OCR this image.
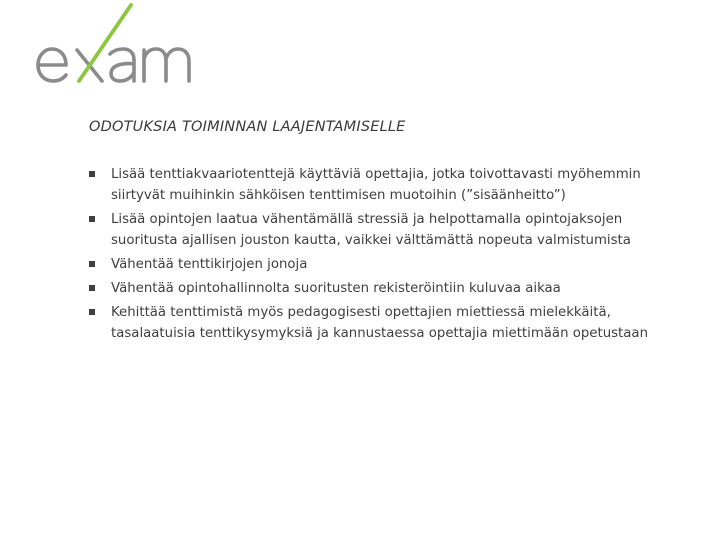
ODOTUKSIA TOIMINNAN LAAJENTAMISELLE
Lisää tenttiakvaariotenttejä käyttäviä opettajia, jotka toivottavasti myöhemmin siirtyvät muihinkin sähköisen tenttimisen muotoihin (”sisäänheitto”)
Lisää opintojen laatua vähentämällä stressiä ja helpottamalla opintojaksojen suoritusta ajallisen jouston kautta, vaikkei välttämättä nopeuta valmistumista
Vähentää tenttikirjojen jonoja
Vähentää opintohallinnolta suoritusten rekisteröintiin kuluvaa aikaa
Kehittää tenttimistä myös pedagogisesti opettajien miettiessä mielekkäitä, tasalaatuisia tenttikysymyksiä ja kannustaessa opettajia miettimään opetustaan
